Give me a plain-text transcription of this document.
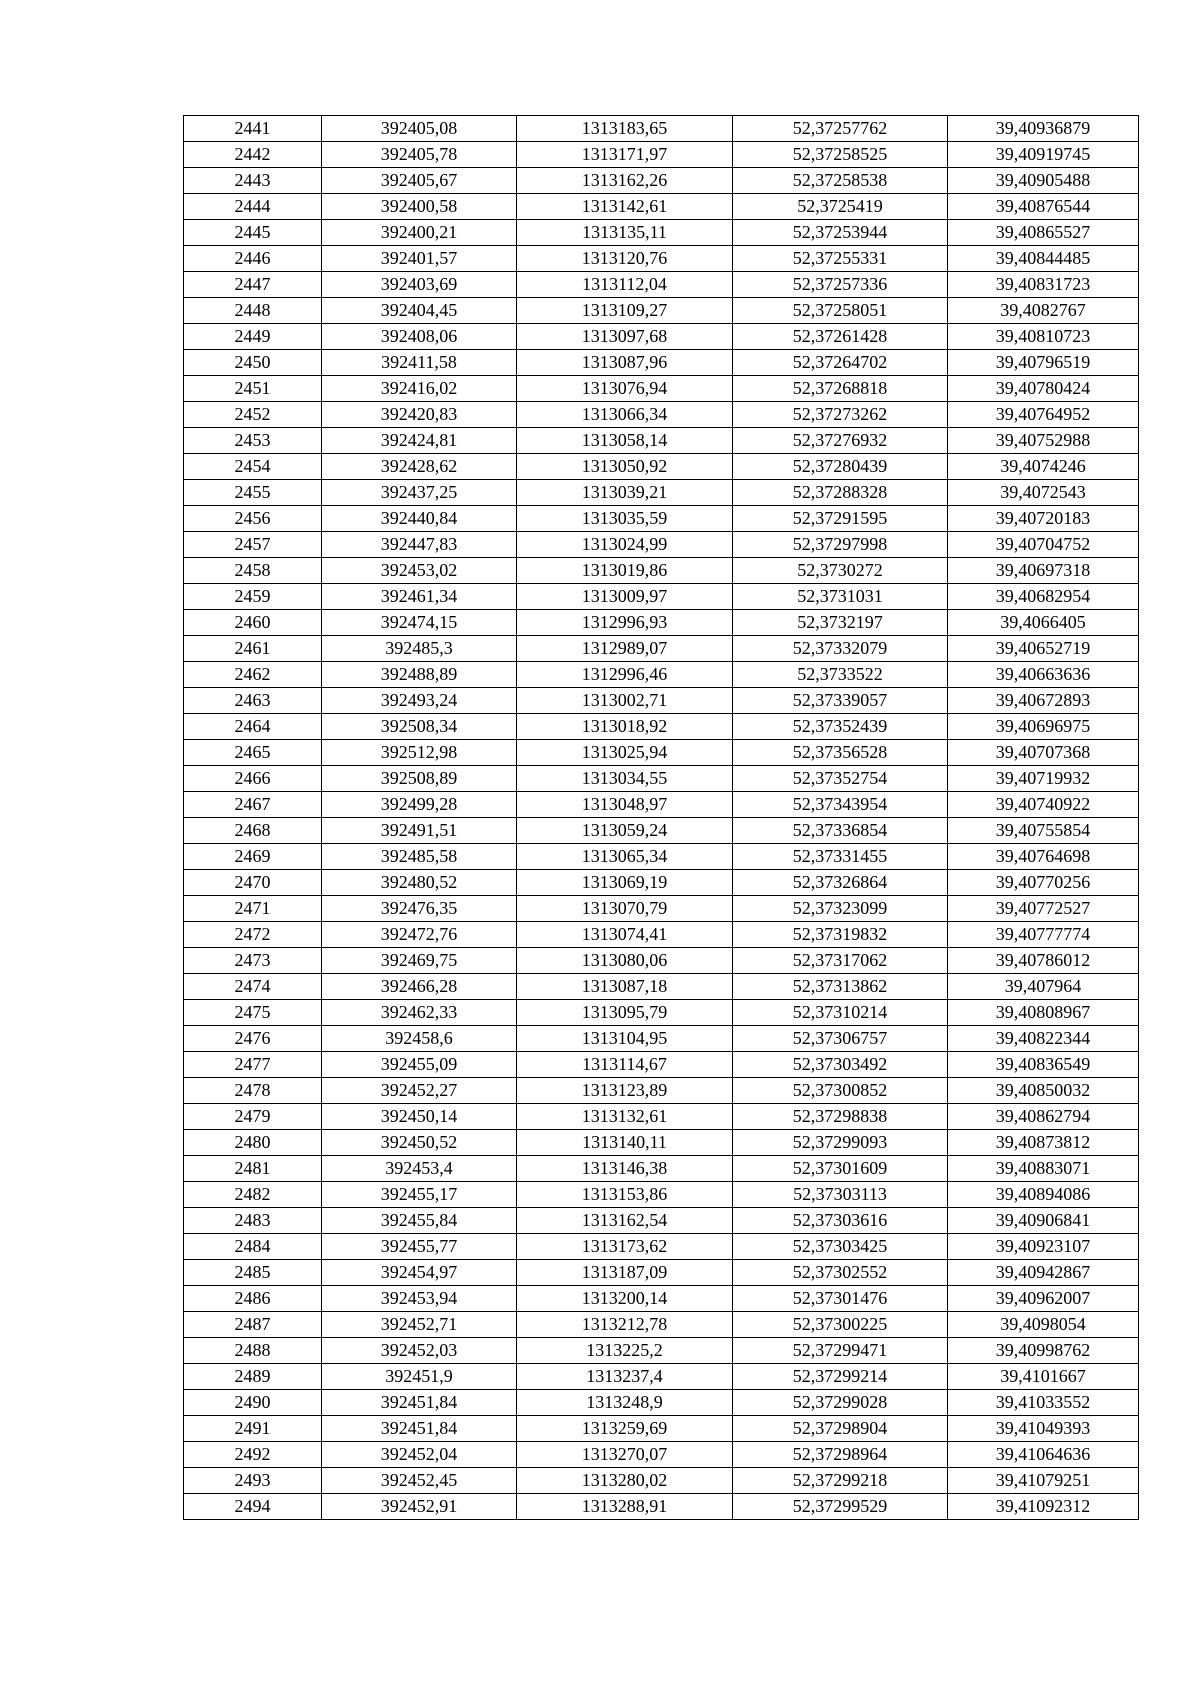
2441	392405,08	1313183,65	52,37257762	39,40936879
2442	392405,78	1313171,97	52,37258525	39,40919745
2443	392405,67	1313162,26	52,37258538	39,40905488
2444	392400,58	1313142,61	52,3725419	39,40876544
2445	392400,21	1313135,11	52,37253944	39,40865527
2446	392401,57	1313120,76	52,37255331	39,40844485
2447	392403,69	1313112,04	52,37257336	39,40831723
2448	392404,45	1313109,27	52,37258051	39,4082767
2449	392408,06	1313097,68	52,37261428	39,40810723
2450	392411,58	1313087,96	52,37264702	39,40796519
2451	392416,02	1313076,94	52,37268818	39,40780424
2452	392420,83	1313066,34	52,37273262	39,40764952
2453	392424,81	1313058,14	52,37276932	39,40752988
2454	392428,62	1313050,92	52,37280439	39,4074246
2455	392437,25	1313039,21	52,37288328	39,4072543
2456	392440,84	1313035,59	52,37291595	39,40720183
2457	392447,83	1313024,99	52,37297998	39,40704752
2458	392453,02	1313019,86	52,3730272	39,40697318
2459	392461,34	1313009,97	52,3731031	39,40682954
2460	392474,15	1312996,93	52,3732197	39,4066405
2461	392485,3	1312989,07	52,37332079	39,40652719
2462	392488,89	1312996,46	52,3733522	39,40663636
2463	392493,24	1313002,71	52,37339057	39,40672893
2464	392508,34	1313018,92	52,37352439	39,40696975
2465	392512,98	1313025,94	52,37356528	39,40707368
2466	392508,89	1313034,55	52,37352754	39,40719932
2467	392499,28	1313048,97	52,37343954	39,40740922
2468	392491,51	1313059,24	52,37336854	39,40755854
2469	392485,58	1313065,34	52,37331455	39,40764698
2470	392480,52	1313069,19	52,37326864	39,40770256
2471	392476,35	1313070,79	52,37323099	39,40772527
2472	392472,76	1313074,41	52,37319832	39,40777774
2473	392469,75	1313080,06	52,37317062	39,40786012
2474	392466,28	1313087,18	52,37313862	39,407964
2475	392462,33	1313095,79	52,37310214	39,40808967
2476	392458,6	1313104,95	52,37306757	39,40822344
2477	392455,09	1313114,67	52,37303492	39,40836549
2478	392452,27	1313123,89	52,37300852	39,40850032
2479	392450,14	1313132,61	52,37298838	39,40862794
2480	392450,52	1313140,11	52,37299093	39,40873812
2481	392453,4	1313146,38	52,37301609	39,40883071
2482	392455,17	1313153,86	52,37303113	39,40894086
2483	392455,84	1313162,54	52,37303616	39,40906841
2484	392455,77	1313173,62	52,37303425	39,40923107
2485	392454,97	1313187,09	52,37302552	39,40942867
2486	392453,94	1313200,14	52,37301476	39,40962007
2487	392452,71	1313212,78	52,37300225	39,4098054
2488	392452,03	1313225,2	52,37299471	39,40998762
2489	392451,9	1313237,4	52,37299214	39,4101667
2490	392451,84	1313248,9	52,37299028	39,41033552
2491	392451,84	1313259,69	52,37298904	39,41049393
2492	392452,04	1313270,07	52,37298964	39,41064636
2493	392452,45	1313280,02	52,37299218	39,41079251
2494	392452,91	1313288,91	52,37299529	39,41092312
